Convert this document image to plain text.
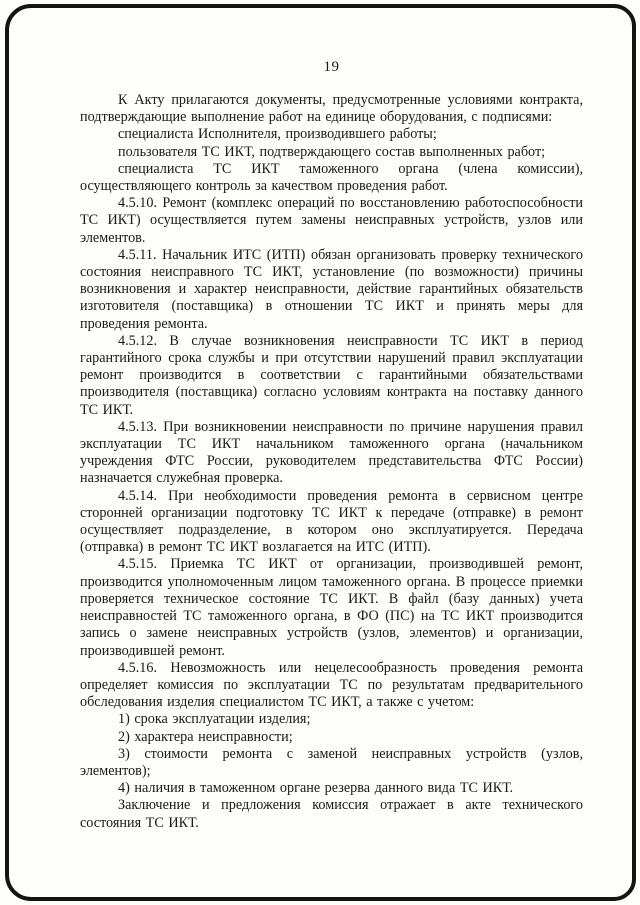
19

К Акту прилагаются документы, предусмотренные условиями контракта, подтверждающие выполнение работ на единице оборудования, с подписями:

специалиста Исполнителя, производившего работы;

пользователя ТС ИКТ, подтверждающего состав выполненных работ;

специалиста ТС ИКТ таможенного органа (члена комиссии), осуществляющего контроль за качеством проведения работ.

4.5.10. Ремонт (комплекс операций по восстановлению работоспособности ТС ИКТ) осуществляется путем замены неисправных устройств, узлов или элементов.

4.5.11. Начальник ИТС (ИТП) обязан организовать проверку технического состояния неисправного ТС ИКТ, установление (по возможности) причины возникновения и характер неисправности, действие гарантийных обязательств изготовителя (поставщика) в отношении ТС ИКТ и принять меры для проведения ремонта.

4.5.12. В случае возникновения неисправности ТС ИКТ в период гарантийного срока службы и при отсутствии нарушений правил эксплуатации ремонт производится в соответствии с гарантийными обязательствами производителя (поставщика) согласно условиям контракта на поставку данного ТС ИКТ.

4.5.13. При возникновении неисправности по причине нарушения правил эксплуатации ТС ИКТ начальником таможенного органа (начальником учреждения ФТС России, руководителем представительства ФТС России) назначается служебная проверка.

4.5.14. При необходимости проведения ремонта в сервисном центре сторонней организации подготовку ТС ИКТ к передаче (отправке) в ремонт осуществляет подразделение, в котором оно эксплуатируется. Передача (отправка) в ремонт ТС ИКТ возлагается на ИТС (ИТП).

4.5.15. Приемка ТС ИКТ от организации, производившей ремонт, производится уполномоченным лицом таможенного органа. В процессе приемки проверяется техническое состояние ТС ИКТ. В файл (базу данных) учета неисправностей ТС таможенного органа, в ФО (ПС) на ТС ИКТ производится запись о замене неисправных устройств (узлов, элементов) и организации, производившей ремонт.

4.5.16. Невозможность или нецелесообразность проведения ремонта определяет комиссия по эксплуатации ТС по результатам предварительного обследования изделия специалистом ТС ИКТ, а также с учетом:

1) срока эксплуатации изделия;

2) характера неисправности;

3) стоимости ремонта с заменой неисправных устройств (узлов, элементов);

4) наличия в таможенном органе резерва данного вида ТС ИКТ.

Заключение и предложения комиссия отражает в акте технического состояния ТС ИКТ.
